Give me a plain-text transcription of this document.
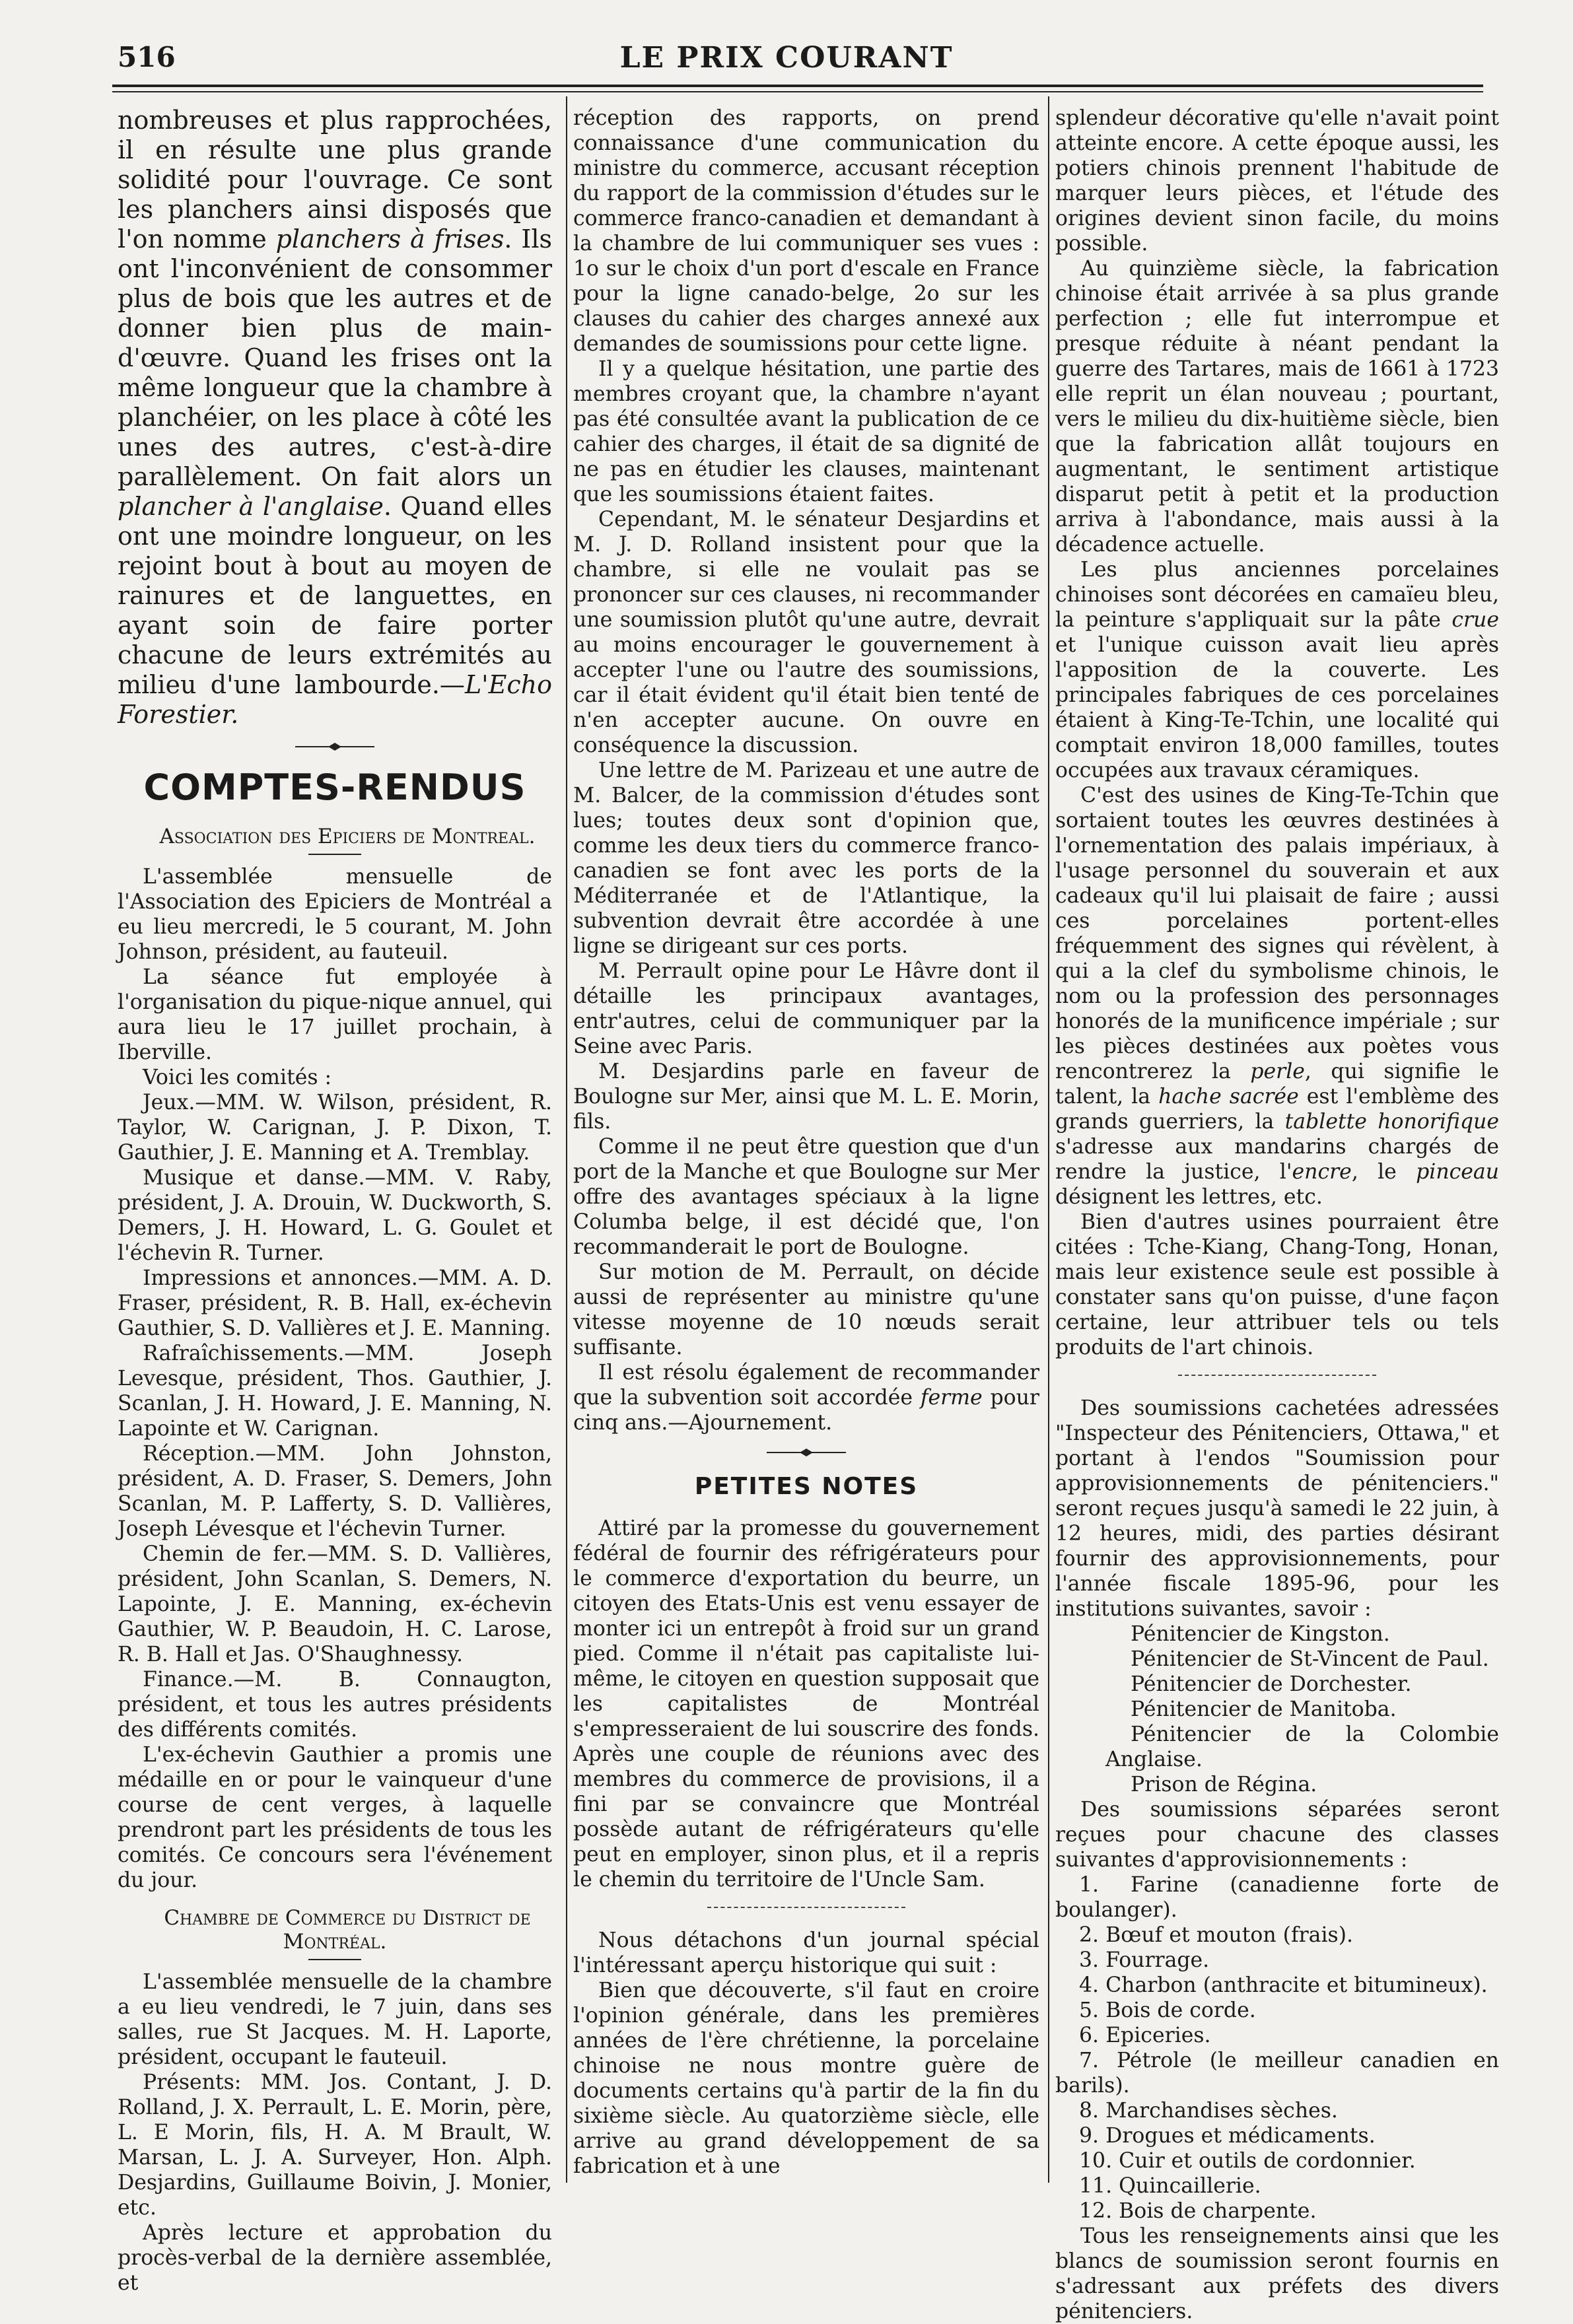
516	LE PRIX COURANT

nombreuses et plus rapprochées, il en résulte une plus grande solidité pour l'ouvrage. Ce sont les planchers ainsi disposés que l'on nomme planchers à frises. Ils ont l'inconvénient de consommer plus de bois que les autres et de donner bien plus de main-d'œuvre. Quand les frises ont la même longueur que la chambre à planchéier, on les place à côté les unes des autres, c'est-à-dire parallèlement. On fait alors un plancher à l'anglaise. Quand elles ont une moindre longueur, on les rejoint bout à bout au moyen de rainures et de languettes, en ayant soin de faire porter chacune de leurs extrémités au milieu d'une lambourde.—L'Echo Forestier.

COMPTES-RENDUS

Association des Epiciers de Montreal.

L'assemblée mensuelle de l'Association des Epiciers de Montréal a eu lieu mercredi, le 5 courant, M. John Johnson, président, au fauteuil.

La séance fut employée à l'organisation du pique-nique annuel, qui aura lieu le 17 juillet prochain, à Iberville.

Voici les comités :

Jeux.—MM. W. Wilson, président, R. Taylor, W. Carignan, J. P. Dixon, T. Gauthier, J. E. Manning et A. Tremblay.

Musique et danse.—MM. V. Raby, président, J. A. Drouin, W. Duckworth, S. Demers, J. H. Howard, L. G. Goulet et l'échevin R. Turner.

Impressions et annonces.—MM. A. D. Fraser, président, R. B. Hall, ex-échevin Gauthier, S. D. Vallières et J. E. Manning.

Rafraîchissements.—MM. Joseph Levesque, président, Thos. Gauthier, J. Scanlan, J. H. Howard, J. E. Manning, N. Lapointe et W. Carignan.

Réception.—MM. John Johnston, président, A. D. Fraser, S. Demers, John Scanlan, M. P. Lafferty, S. D. Vallières, Joseph Lévesque et l'échevin Turner.

Chemin de fer.—MM. S. D. Vallières, président, John Scanlan, S. Demers, N. Lapointe, J. E. Manning, ex-échevin Gauthier, W. P. Beaudoin, H. C. Larose, R. B. Hall et Jas. O'Shaughnessy.

Finance.—M. B. Connaugton, président, et tous les autres présidents des différents comités.

L'ex-échevin Gauthier a promis une médaille en or pour le vainqueur d'une course de cent verges, à laquelle prendront part les présidents de tous les comités. Ce concours sera l'événement du jour.

Chambre de Commerce du District de Montréal.

L'assemblée mensuelle de la chambre a eu lieu vendredi, le 7 juin, dans ses salles, rue St Jacques. M. H. Laporte, président, occupant le fauteuil.

Présents: MM. Jos. Contant, J. D. Rolland, J. X. Perrault, L. E. Morin, père, L. E Morin, fils, H. A. M Brault, W. Marsan, L. J. A. Surveyer, Hon. Alph. Desjardins, Guillaume Boivin, J. Monier, etc.

Après lecture et approbation du procès-verbal de la dernière assemblée, et

réception des rapports, on prend connaissance d'une communication du ministre du commerce, accusant réception du rapport de la commission d'études sur le commerce franco-canadien et demandant à la chambre de lui communiquer ses vues : 1o sur le choix d'un port d'escale en France pour la ligne canado-belge, 2o sur les clauses du cahier des charges annexé aux demandes de soumissions pour cette ligne.

Il y a quelque hésitation, une partie des membres croyant que, la chambre n'ayant pas été consultée avant la publication de ce cahier des charges, il était de sa dignité de ne pas en étudier les clauses, maintenant que les soumissions étaient faites.

Cependant, M. le sénateur Desjardins et M. J. D. Rolland insistent pour que la chambre, si elle ne voulait pas se prononcer sur ces clauses, ni recommander une soumission plutôt qu'une autre, devrait au moins encourager le gouvernement à accepter l'une ou l'autre des soumissions, car il était évident qu'il était bien tenté de n'en accepter aucune. On ouvre en conséquence la discussion.

Une lettre de M. Parizeau et une autre de M. Balcer, de la commission d'études sont lues; toutes deux sont d'opinion que, comme les deux tiers du commerce franco-canadien se font avec les ports de la Méditerranée et de l'Atlantique, la subvention devrait être accordée à une ligne se dirigeant sur ces ports.

M. Perrault opine pour Le Hâvre dont il détaille les principaux avantages, entr'autres, celui de communiquer par la Seine avec Paris.

M. Desjardins parle en faveur de Boulogne sur Mer, ainsi que M. L. E. Morin, fils.

Comme il ne peut être question que d'un port de la Manche et que Boulogne sur Mer offre des avantages spéciaux à la ligne Columba belge, il est décidé que, l'on recommanderait le port de Boulogne.

Sur motion de M. Perrault, on décide aussi de représenter au ministre qu'une vitesse moyenne de 10 nœuds serait suffisante.

Il est résolu également de recommander que la subvention soit accordée ferme pour cinq ans.—Ajournement.

PETITES NOTES

Attiré par la promesse du gouvernement fédéral de fournir des réfrigérateurs pour le commerce d'exportation du beurre, un citoyen des Etats-Unis est venu essayer de monter ici un entrepôt à froid sur un grand pied. Comme il n'était pas capitaliste lui-même, le citoyen en question supposait que les capitalistes de Montréal s'empresseraient de lui souscrire des fonds. Après une couple de réunions avec des membres du commerce de provisions, il a fini par se convaincre que Montréal possède autant de réfrigérateurs qu'elle peut en employer, sinon plus, et il a repris le chemin du territoire de l'Uncle Sam.

Nous détachons d'un journal spécial l'intéressant aperçu historique qui suit :

Bien que découverte, s'il faut en croire l'opinion générale, dans les premières années de l'ère chrétienne, la porcelaine chinoise ne nous montre guère de documents certains qu'à partir de la fin du sixième siècle. Au quatorzième siècle, elle arrive au grand développement de sa fabrication et à une

splendeur décorative qu'elle n'avait point atteinte encore. A cette époque aussi, les potiers chinois prennent l'habitude de marquer leurs pièces, et l'étude des origines devient sinon facile, du moins possible.

Au quinzième siècle, la fabrication chinoise était arrivée à sa plus grande perfection ; elle fut interrompue et presque réduite à néant pendant la guerre des Tartares, mais de 1661 à 1723 elle reprit un élan nouveau ; pourtant, vers le milieu du dix-huitième siècle, bien que la fabrication allât toujours en augmentant, le sentiment artistique disparut petit à petit et la production arriva à l'abondance, mais aussi à la décadence actuelle.

Les plus anciennes porcelaines chinoises sont décorées en camaïeu bleu, la peinture s'appliquait sur la pâte crue et l'unique cuisson avait lieu après l'apposition de la couverte. Les principales fabriques de ces porcelaines étaient à King-Te-Tchin, une localité qui comptait environ 18,000 familles, toutes occupées aux travaux céramiques.

C'est des usines de King-Te-Tchin que sortaient toutes les œuvres destinées à l'ornementation des palais impériaux, à l'usage personnel du souverain et aux cadeaux qu'il lui plaisait de faire ; aussi ces porcelaines portent-elles fréquemment des signes qui révèlent, à qui a la clef du symbolisme chinois, le nom ou la profession des personnages honorés de la munificence impériale ; sur les pièces destinées aux poètes vous rencontrerez la perle, qui signifie le talent, la hache sacrée est l'emblème des grands guerriers, la tablette honorifique s'adresse aux mandarins chargés de rendre la justice, l'encre, le pinceau désignent les lettres, etc.

Bien d'autres usines pourraient être citées : Tche-Kiang, Chang-Tong, Honan, mais leur existence seule est possible à constater sans qu'on puisse, d'une façon certaine, leur attribuer tels ou tels produits de l'art chinois.

Des soumissions cachetées adressées "Inspecteur des Pénitenciers, Ottawa," et portant à l'endos "Soumission pour approvisionnements de pénitenciers." seront reçues jusqu'à samedi le 22 juin, à 12 heures, midi, des parties désirant fournir des approvisionnements, pour l'année fiscale 1895-96, pour les institutions suivantes, savoir :

Pénitencier de Kingston.

Pénitencier de St-Vincent de Paul.

Pénitencier de Dorchester.

Pénitencier de Manitoba.

Pénitencier de la Colombie Anglaise.

Prison de Régina.

Des soumissions séparées seront reçues pour chacune des classes suivantes d'approvisionnements :

1. Farine (canadienne forte de boulanger).

2. Bœuf et mouton (frais).

3. Fourrage.

4. Charbon (anthracite et bitumineux).

5. Bois de corde.

6. Epiceries.

7. Pétrole (le meilleur canadien en barils).

8. Marchandises sèches.

9. Drogues et médicaments.

10. Cuir et outils de cordonnier.

11. Quincaillerie.

12. Bois de charpente.

Tous les renseignements ainsi que les blancs de soumission seront fournis en s'adressant aux préfets des divers pénitenciers.
